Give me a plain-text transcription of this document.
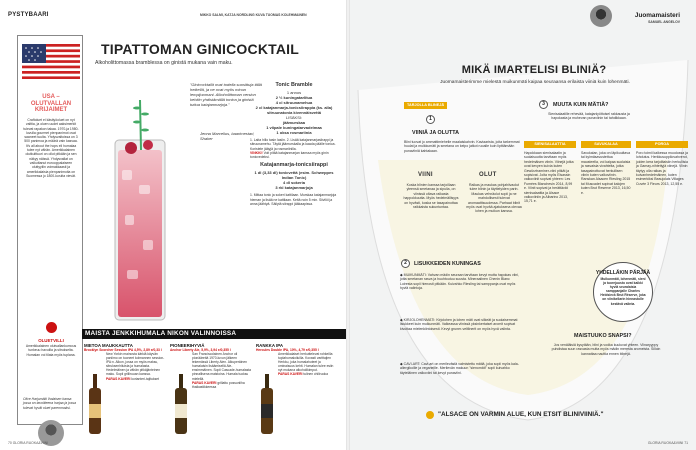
PYSTYBAARI	MIKKO SALMI, KATJA NORDLING KUVA TUOMAS KOLEHMAINEN
USA – OLUTVALLAN KRIJAIMET
Craftoluet ei käsityöoluet on nyt valttia, ja oluen uudet aaksimerkit tulevat rapakon takaa. 1970-ja 1980-luvulla gourmet pienpanimot ovat saaneet tuulta. Yhdysvaltoissa on 3 500 panimoa ja määrä vain kasvaa. It’s all about the hops eli humalaa tulee nyt vähän. Amerikkalainen olutkulttuuri on ollut pitkään ja sen näkyy näissä. Yhdysvallat on vaikuttanut eurooppalaiseen oluttyyliin voimakkaasti ja amerikkalaisia pienpanimoita on Suomessa jo 1800-luvulta vievät.
OLUETVILLI
Amerikkalainen olutvallankumous tunkeuu havuilla ja sitrukselta. Humalan voi tilata myös tuplana.
Olive Harjumäki Ihalaisen kansa jossa on tavoitteena harjaa ja jossa tulevat hyvät oluet paremmaksi.
TIPATTOMAN GINICOCKTAIL
Alkoholittomassa bramblessa on ginistä mukana vain maku.
"Ginicocktailit ovat todella suosittuja tällä hetkellä, ja ne ovat myös minun lempijuomani. Alkoholittoman version kehitin yhdistämällä tonica ja ginistä tuttua katajanmarjoja."
Jenna Marcelius, baarimestari, Shaker
Tonic Bramble
1 annos
2 ½ kuningatarlitua
4 cl sitruunamehua
2 cl katajanmarja-tonicsiirappia (ks. alla)
sitruunatonia kivennäisvettä
LISÄKSI:
jäämurskaa
1 viipale kuningatarvadelmaa
1 oksa rosmariinia
1. Laita hillo tasin lasiin. 2. Lisää katajanmarjasiirappi ja sitruunamehu. Täytä jäämurskalla ja kaada päälle tonica. Koristele jääyjä ja rosmariinilla.
VINKKI! Voit pitää katajanmarjan kanssa myös ginin tonicvedeksi.
Katajanmarja-tonicsiirappi
1 dl (3,33 dl) tonicvettä (esim. Schweppes Indian Tonic)
4 dl sokeria
3 rkl katajanmarjoja
1. Mittaa tonic ja sokeri kattilaan. Murskaa katajanmarjoja hieman ja lisää ne kattilaan. Keitä noin 5 min. Siivilöi ja anna jäähtyä. Säilytä siirappi jääkaapissa.
MAISTA JENKKIHUMALA NIKON VALINNOISSA
MIETOA MAUKKAUTTA
Brooklyn Scorcher Session IPA 4,5%, 2,89 e/0,33 l
New Yorkin mainosta kärkiä käyvän paniimo on tuoneet kolmannen session-IPA:n. Alkon, jossa on myös maksu, sitruksenhiluista ja humalasta. Hedelmäinen ja vähän pitkäjänteinen maku. Sopii grilliruuan kanssa.
PARAS KAVERI korianteri-tajitukset
PIONEERIHYVIÄ
Anchor Liberty Ale, 5,9%, 3,94 e/0,355 l
San Franciscolainen Anchor oli pionääreitä 1970-luvun jälkeen tekemässä Liberty Alen. Alkuperäinen humalaisin lisäämisellä Ale-ensimmäinen. Sopii Cascade-humalasta pinnallisena maistoina. Humala tuoksu mielellä.
PARAS KAVERI grillattu possunliha thaikastikkeessa
RANKKA IPA
Hercules Double IPA, 10%, 4,79 e/0,355 l
Amerikkalaiset herkuttelevat rohkeilla tuplahumaloiluilla. Kovasti varittajien Herkku, joka humalahuteet ja ominaisuus kehit. Humalan tulee esiin nyt mukana alkoholikimput.
PARAS KAVERI tulinen chiliruoka
70 GLORIA RUOKA&VIINI
Juomamaisteri
SAMUEL ANGELOV
MIKÄ IMARTELISI BLINIÄ?
Juomamaisterimme mielestä muikunmäti kaipaa seuraansa erilaista viiniä kuin lohenmäti.
TARJOLLA BLINEJÄ
1
VIINIÄ JA OLUTTA
Blini tuovat jo ammattimiehelle maalaiskahvin. Kaviaarista, joita tarkemmat huulat ja muikkumäti ja smetana on kelpo jatkot ruoalle kuin lipittämään punaviiniä kahtakaan.
VIINI	OLUT
Koska blinien kanssa tarjoillaan yleensä smetanaa ja sipulia, on viinissä oltava raikasta happokkuutta. Myös hedelmällisyys on hyvästi, koska se tasapainottaa raikkaista sukuntuntaa.
Raikas ja maukas pohjahiivaolut tulee blinin ja täyttelyiden parin. Maukas vehnäolut sopii ja ne mahdollisesti tulevat aromaattisuudessa. Parhaat blinit myös ovat hyvää ajatuksena olevaa lohen ja muikun kanssa.
2	LISUKKEIDEN KUNINGAS
◆ MUIKUNMÄTI: Vahvan mädin seuraan tarvitaan kevyt mutta hapokas viini, jotta smetanan rasva ja huuhtoutuu suusta. Mineraalinen Chenin Blanc Loiresta sopii hienosti pitkään. Kuivahko Riesling tai samppanja ovat myös hyviä valintoja.
◆ KIRJOLOHENMÄTI: Kirjolohen ja lohen mäti ovat silkeät ja suolaisemmat lisukkeet kuin muikunmäti. Valkeassa viinissä yksinkertaiset aromit sopivat kivuttaa mielenkiintoisesti. Kevyt gruner-veltlinerit on myös hyvä valinta.
◆ CAVI-ART: Cavi-art on merilevästä valmistettu mätiä, joka sopii myös kala-allergikoille ja veganeille. Merilevän makuun "sienomäti" sopii kuivahko täyteläinen valkoviini tai kevyt punaviini.
3	MUUTA KUIN MÄTIÄ?
Sienisalaatille rehevää, katajanlyöttoisel rakkausta ja hapokasta ja muhevan punaviinin tai tahdikkaan.
SIENISALAATTIA	SAVUKALAA	POROA
Hapokkaan sienisalaatin ja suolaisuutta tarvitaan myös hedelmäisen viinin. Viinejä jotka ovat kevyen kuivia kuten Gewürztraminer-viini pitkät ja sopisivat. Joita myös Elsassin valkoviinit sopivat yhteen: Les Fumées Blanchesin 2014, 8,99 e. Viinit sopivat ja herättävät sienisalaattia ja Alsace valkoviiniin ja Albarino 2013, 15,71 e.
Savukalan, joka on läpikuultava tai kylmäsavustettua mausteella, voi kaipaa suolaisia ja rasvaisia vivahteita, jotka tasapainottuvat herkullisen viinin kuten valkoviinin. Ranskan Alsacen Riesling 2015 tai Muscadet sopivat kalojen kuten Brut Reserve 2013, 16,50 e.
Poro toimii kaikessa muodossa ja lohdutus. Herkkusuppilovahverot, joiden kera tarjoiltaisiin herkullisia ja Gamay-nihtettyjä viinejä. Viinin täytyy olla raikas ja kuivanhedelmäinen, kuten esimerkiksi Beaujolais Villages Cuvée 3 Fleurs 2013, 12,55 e.
YHDELLÄKIN PÄRJÄÄ
Muikunmäti, lohenmäti, sieni ja tuorejuusto ovat kaikki hyviä seuralaisia samppanjalle Charles Heidsieck Brut Réserve, joka on viinikellarin hinnastolle kestävä valinta.
MAISTUUKO SNAPSI?
Jos venäläisiä kysytään, blini ja vodka kuuluvat yhteen. Viinaryyppy puhdistaa suun rasvasta mutta myös mädin meresta aromeista. Silloin kannattaa nauttia ennen blinejä.
"ALSACE ON VARMIN ALUE, KUN ETSIT BLINIVIINIÄ."
GLORIA RUOKA&VIINI 71
